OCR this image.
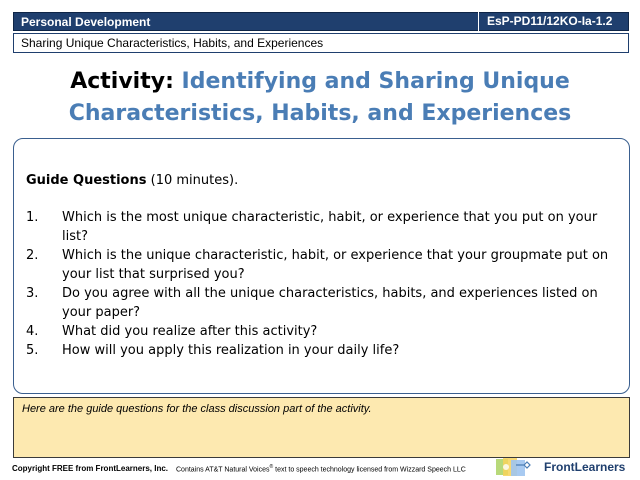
Personal Development	EsP-PD11/12KO-Ia-1.2
Sharing Unique Characteristics, Habits, and Experiences
Activity: Identifying and Sharing Unique
Characteristics, Habits, and Experiences
Guide Questions (10 minutes).
1. Which is the most unique characteristic, habit, or experience that you put on your list?
2. Which is the unique characteristic, habit, or experience that your groupmate put on your list that surprised you?
3. Do you agree with all the unique characteristics, habits, and experiences listed on your paper?
4. What did you realize after this activity?
5. How will you apply this realization in your daily life?
Here are the guide questions for the class discussion part of the activity.
Copyright FREE from FrontLearners, Inc. Contains AT&T Natural Voices® text to speech technology licensed from Wizzard Speech LLC	FrontLearners
